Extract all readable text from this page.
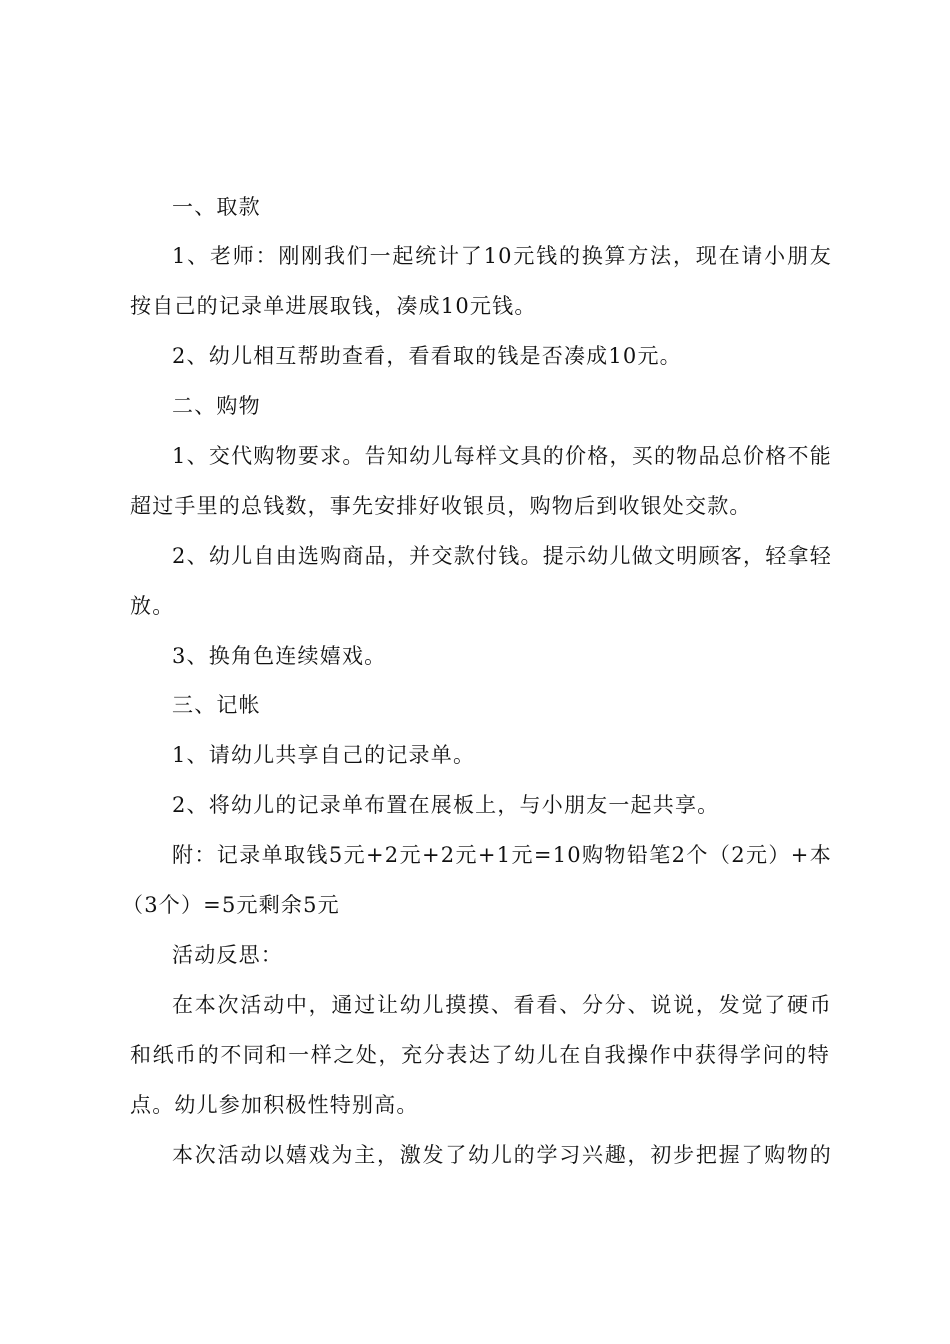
一、取款
1、老师：刚刚我们一起统计了10元钱的换算方法，现在请小朋友
按自己的记录单进展取钱，凑成10元钱。
2、幼儿相互帮助查看，看看取的钱是否凑成10元。
二、购物
1、交代购物要求。告知幼儿每样文具的价格，买的物品总价格不能
超过手里的总钱数，事先安排好收银员，购物后到收银处交款。
2、幼儿自由选购商品，并交款付钱。提示幼儿做文明顾客，轻拿轻
放。
3、换角色连续嬉戏。
三、记帐
1、请幼儿共享自己的记录单。
2、将幼儿的记录单布置在展板上，与小朋友一起共享。
附：记录单取钱5元+2元+2元+1元=10购物铅笔2个（2元）+本
（3个）=5元剩余5元
活动反思：
在本次活动中，通过让幼儿摸摸、看看、分分、说说，发觉了硬币
和纸币的不同和一样之处，充分表达了幼儿在自我操作中获得学问的特
点。幼儿参加积极性特别高。
本次活动以嬉戏为主，激发了幼儿的学习兴趣，初步把握了购物的
